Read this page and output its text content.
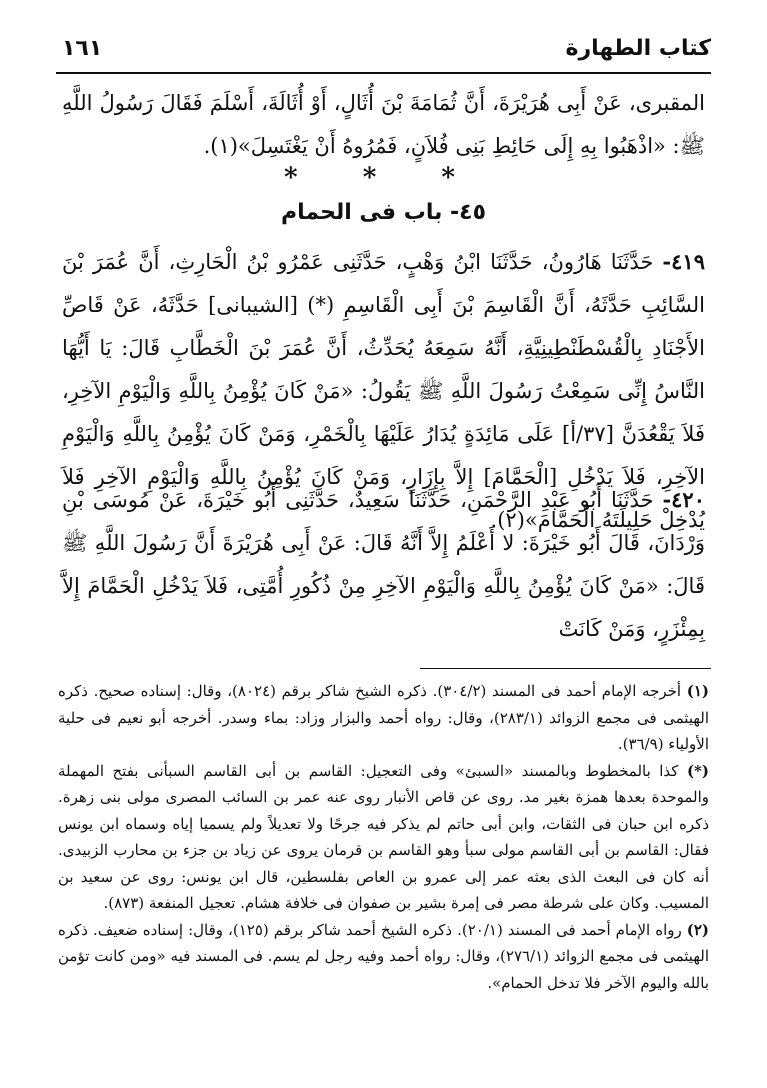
كتاب الطهارة
١٦١

المقبرى، عَنْ أَبِى هُرَيْرَةَ، أَنَّ ثُمَامَةَ بْنَ أُثَالٍ، أَوْ أُثَالَةَ، أَسْلَمَ فَقَالَ رَسُولُ اللَّهِ ﷺ: «اذْهَبُوا بِهِ إِلَى حَائِطِ بَنِى فُلاَنٍ، فَمُرُوهُ أَنْ يَغْتَسِلَ»(١).

* * *
٤٥- باب فى الحمام

٤١٩- حَدَّثَنَا هَارُونُ، حَدَّثَنَا ابْنُ وَهْبٍ، حَدَّثَنِى عَمْرُو بْنُ الْحَارِثِ، أَنَّ عُمَرَ بْنَ السَّائِبِ حَدَّثَهُ، أَنَّ الْقَاسِمَ بْنَ أَبِى الْقَاسِمِ (*) [الشيبانى] حَدَّثَهُ، عَنْ قَاصِّ الأَجْنَادِ بِالْقُسْطَنْطِينِيَّةِ، أَنَّهُ سَمِعَهُ يُحَدِّثُ، أَنَّ عُمَرَ بْنَ الْخَطَّابِ قَالَ: يَا أَيُّهَا النَّاسُ إِنِّى سَمِعْتُ رَسُولَ اللَّهِ ﷺ يَقُولُ: «مَنْ كَانَ يُؤْمِنُ بِاللَّهِ وَالْيَوْمِ الآخِرِ، فَلاَ يَقْعُدَنَّ [٣٧/أ] عَلَى مَائِدَةٍ يُدَارُ عَلَيْهَا بِالْخَمْرِ، وَمَنْ كَانَ يُؤْمِنُ بِاللَّهِ وَالْيَوْمِ الآخِرِ، فَلاَ يَدْخُلِ [الْحَمَّامَ] إِلاَّ بِإِزَارٍ، وَمَنْ كَانَ يُؤْمِنُ بِاللَّهِ وَالْيَوْمِ الآخِرِ فَلاَ يُدْخِلْ حَلِيلَتَهُ الْحَمَّامَ»(٢).

٤٢٠- حَدَّثَنَا أَبُو عَبْدِ الرَّحْمَنِ، حَدَّثَنَا سَعِيدٌ، حَدَّثَنِى أَبُو خَيْرَةَ، عَنْ مُوسَى بْنِ وَرْدَانَ، قَالَ أَبُو خَيْرَةَ: لا أَعْلَمُ إِلاَّ أَنَّهُ قَالَ: عَنْ أَبِى هُرَيْرَةَ أَنَّ رَسُولَ اللَّهِ ﷺ قَالَ: «مَنْ كَانَ يُؤْمِنُ بِاللَّهِ وَالْيَوْمِ الآخِرِ مِنْ ذُكُورِ أُمَّتِى، فَلاَ يَدْخُلِ الْحَمَّامَ إِلاَّ بِمِئْزَرٍ، وَمَنْ كَانَتْ

(١) أخرجه الإمام أحمد فى المسند (٣٠٤/٢). ذكره الشيخ شاكر برقم (٨٠٢٤)، وقال: إسناده صحيح. ذكره الهيثمى فى مجمع الزوائد (٢٨٣/١)، وقال: رواه أحمد والبزار وزاد: بماء وسدر. أخرجه أبو نعيم فى حلية الأولياء (٣٦/٩).

(*) كذا بالمخطوط وبالمسند «السبئ» وفى التعجيل: القاسم بن أبى القاسم السبأنى بفتح المهملة والموحدة بعدها همزة بغير مد. روى عن قاص الأنبار روى عنه عمر بن السائب المصرى مولى بنى زهرة. ذكره ابن حبان فى الثقات، وابن أبى حاتم لم يذكر فيه جرحًا ولا تعديلاً ولم يسميا إياه وسماه ابن يونس فقال: القاسم بن أبى القاسم مولى سبأ وهو القاسم بن قرمان يروى عن زياد بن جزء بن محارب الزبيدى. أنه كان فى البعث الذى بعثه عمر إلى عمرو بن العاص بفلسطين، قال ابن يونس: روى عن سعيد بن المسيب. وكان على شرطة مصر فى إمرة بشير بن صفوان فى خلافة هشام. تعجيل المنفعة (٨٧٣).

(٢) رواه الإمام أحمد فى المسند (٢٠/١). ذكره الشيخ أحمد شاكر برقم (١٢٥)، وقال: إسناده ضعيف. ذكره الهيثمى فى مجمع الزوائد (٢٧٦/١)، وقال: رواه أحمد وفيه رجل لم يسم. فى المسند فيه «ومن كانت تؤمن بالله واليوم الآخر فلا تدخل الحمام».
